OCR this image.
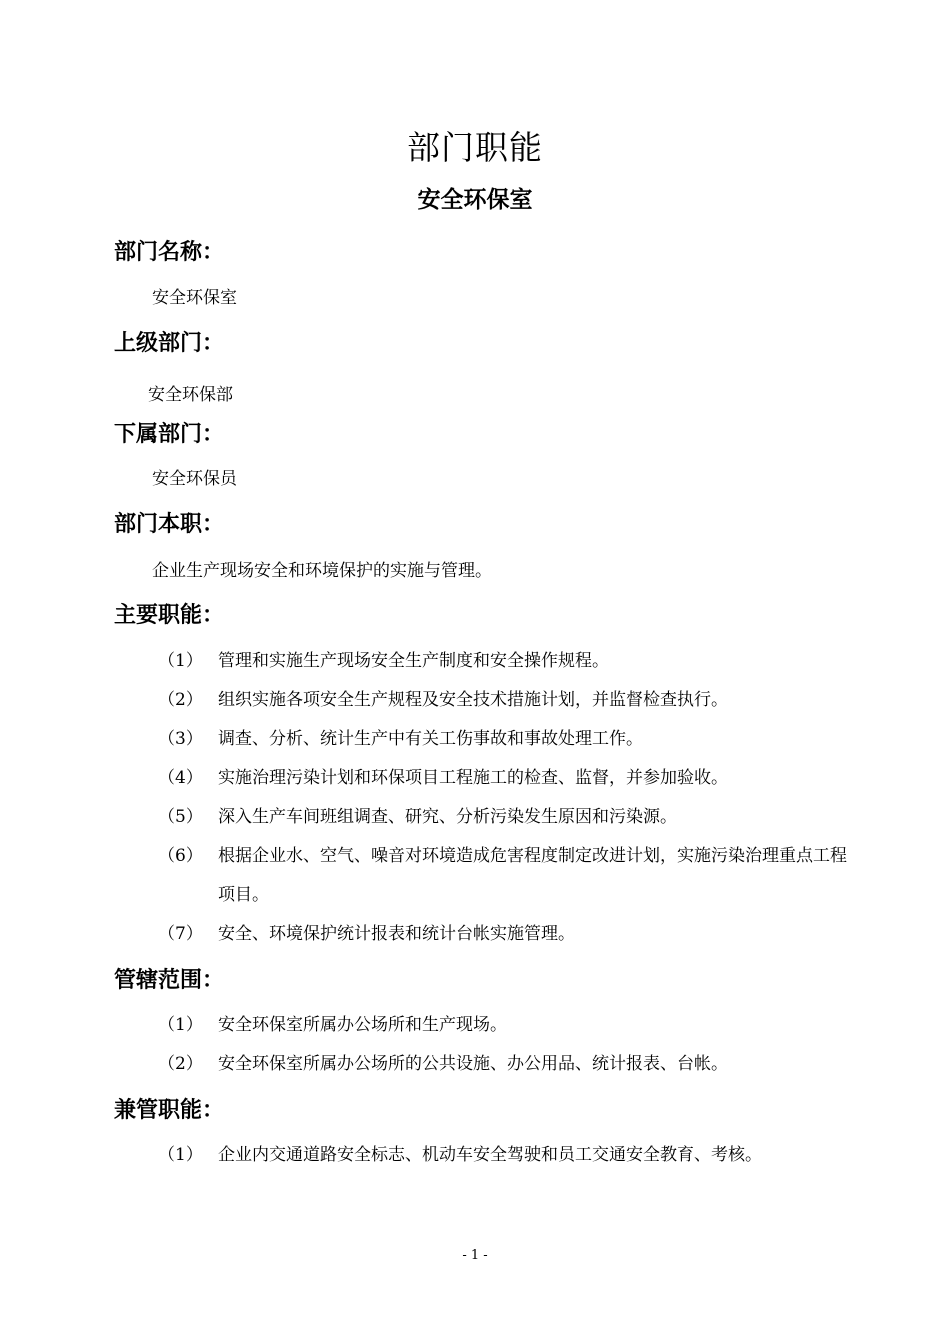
部门职能
安全环保室
部门名称：
安全环保室
上级部门：
安全环保部
下属部门：
安全环保员
部门本职：
企业生产现场安全和环境保护的实施与管理。
主要职能：
（1） 管理和实施生产现场安全生产制度和安全操作规程。
（2） 组织实施各项安全生产规程及安全技术措施计划，并监督检查执行。
（3） 调查、分析、统计生产中有关工伤事故和事故处理工作。
（4） 实施治理污染计划和环保项目工程施工的检查、监督，并参加验收。
（5） 深入生产车间班组调查、研究、分析污染发生原因和污染源。
（6） 根据企业水、空气、噪音对环境造成危害程度制定改进计划，实施污染治理重点工程项目。
（7） 安全、环境保护统计报表和统计台帐实施管理。
管辖范围：
（1） 安全环保室所属办公场所和生产现场。
（2） 安全环保室所属办公场所的公共设施、办公用品、统计报表、台帐。
兼管职能：
（1） 企业内交通道路安全标志、机动车安全驾驶和员工交通安全教育、考核。
- 1 -
